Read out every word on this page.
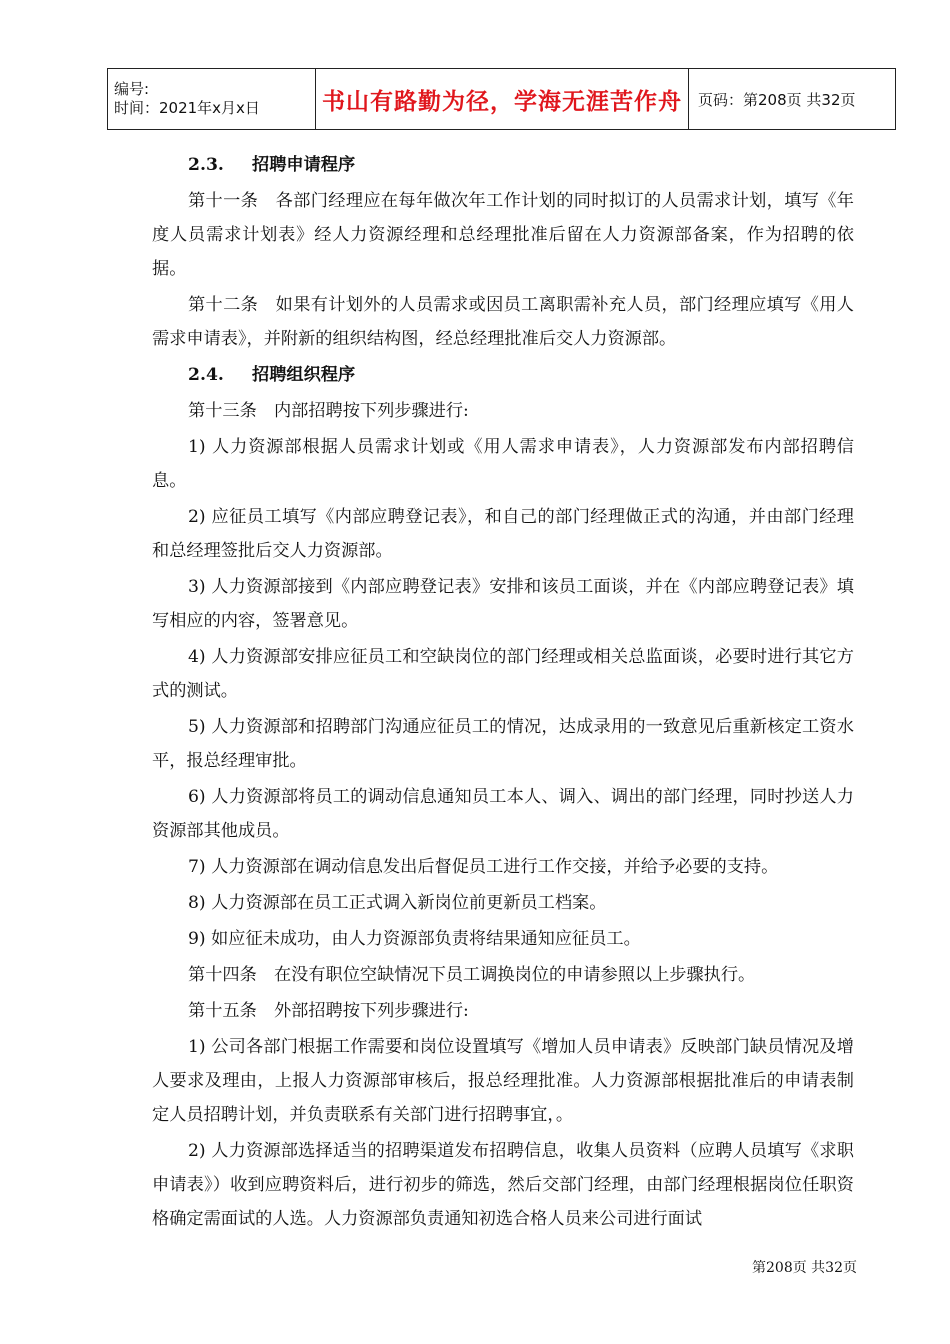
编号:
时间：2021年x月x日	书山有路勤为径，学海无涯苦作舟	页码：第208页 共32页

2.3. 招聘申请程序

第十一条　各部门经理应在每年做次年工作计划的同时拟订的人员需求计划，填写《年度人员需求计划表》经人力资源经理和总经理批准后留在人力资源部备案，作为招聘的依据。

第十二条　如果有计划外的人员需求或因员工离职需补充人员，部门经理应填写《用人需求申请表》，并附新的组织结构图，经总经理批准后交人力资源部。

2.4. 招聘组织程序

第十三条　内部招聘按下列步骤进行:

1) 人力资源部根据人员需求计划或《用人需求申请表》，人力资源部发布内部招聘信息。

2) 应征员工填写《内部应聘登记表》，和自己的部门经理做正式的沟通，并由部门经理和总经理签批后交人力资源部。

3) 人力资源部接到《内部应聘登记表》安排和该员工面谈，并在《内部应聘登记表》填写相应的内容，签署意见。

4) 人力资源部安排应征员工和空缺岗位的部门经理或相关总监面谈，必要时进行其它方式的测试。

5) 人力资源部和招聘部门沟通应征员工的情况，达成录用的一致意见后重新核定工资水平，报总经理审批。

6) 人力资源部将员工的调动信息通知员工本人、调入、调出的部门经理，同时抄送人力资源部其他成员。

7) 人力资源部在调动信息发出后督促员工进行工作交接，并给予必要的支持。

8) 人力资源部在员工正式调入新岗位前更新员工档案。

9) 如应征未成功，由人力资源部负责将结果通知应征员工。

第十四条　在没有职位空缺情况下员工调换岗位的申请参照以上步骤执行。

第十五条　外部招聘按下列步骤进行:

1) 公司各部门根据工作需要和岗位设置填写《增加人员申请表》反映部门缺员情况及增人要求及理由，上报人力资源部审核后，报总经理批准。人力资源部根据批准后的申请表制定人员招聘计划，并负责联系有关部门进行招聘事宜，。

2) 人力资源部选择适当的招聘渠道发布招聘信息，收集人员资料（应聘人员填写《求职申请表》）收到应聘资料后，进行初步的筛选，然后交部门经理，由部门经理根据岗位任职资格确定需面试的人选。人力资源部负责通知初选合格人员来公司进行面试

第208页 共32页
